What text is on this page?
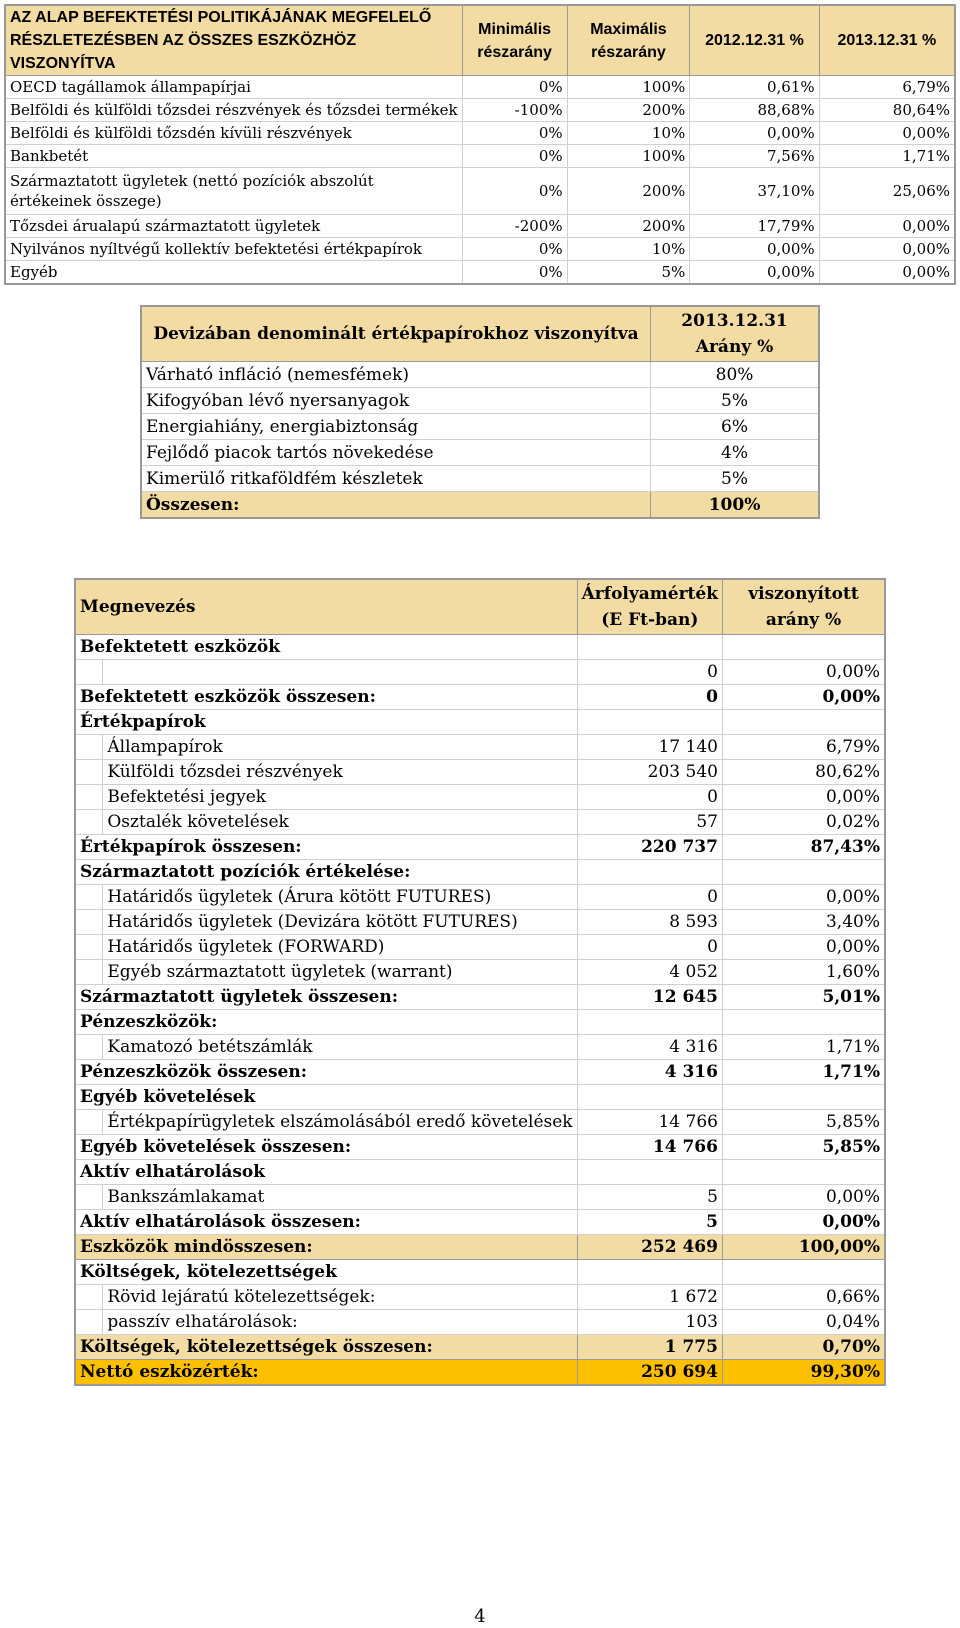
AZ ALAP BEFEKTETÉSI POLITIKÁJÁNAK MEGFELELŐ RÉSZLETEZÉSBEN AZ ÖSSZES ESZKÖZHÖZ VISZONYÍTVA	Minimális részarány	Maximális részarány	2012.12.31 %	2013.12.31 %
OECD tagállamok állampapírjai	0%	100%	0,61%	6,79%
Belföldi és külföldi tőzsdei részvények és tőzsdei termékek	-100%	200%	88,68%	80,64%
Belföldi és külföldi tőzsdén kívüli részvények	0%	10%	0,00%	0,00%
Bankbetét	0%	100%	7,56%	1,71%
Származtatott ügyletek (nettó pozíciók abszolút értékeinek összege)	0%	200%	37,10%	25,06%
Tőzsdei árualapú származtatott ügyletek	-200%	200%	17,79%	0,00%
Nyilvános nyíltvégű kollektív befektetési értékpapírok	0%	10%	0,00%	0,00%
Egyéb	0%	5%	0,00%	0,00%
Devizában denominált értékpapírokhoz viszonyítva	2013.12.31 Arány %
Várható infláció (nemesfémek)	80%
Kifogyóban lévő nyersanyagok	5%
Energiahiány, energiabiztonság	6%
Fejlődő piacok tartós növekedése	4%
Kimerülő ritkaföldfém készletek	5%
Összesen:	100%
Megnevezés		Árfolyamérték (E Ft-ban)	viszonyított arány %
Befektetett eszközök			
		0	0,00%
Befektetett eszközök összesen:		0	0,00%
Értékpapírok			
	Állampapírok	17 140	6,79%
	Külföldi tőzsdei részvények	203 540	80,62%
	Befektetési jegyek	0	0,00%
	Osztalék követelések	57	0,02%
Értékpapírok összesen:		220 737	87,43%
Származtatott pozíciók értékelése:			
	Határidős ügyletek (Árura kötött FUTURES)	0	0,00%
	Határidős ügyletek (Devizára kötött FUTURES)	8 593	3,40%
	Határidős ügyletek (FORWARD)	0	0,00%
	Egyéb származtatott ügyletek (warrant)	4 052	1,60%
Származtatott ügyletek összesen:		12 645	5,01%
Pénzeszközök:			
	Kamatozó betétszámlák	4 316	1,71%
Pénzeszközök összesen:		4 316	1,71%
Egyéb követelések			
	Értékpapírügyletek elszámolásából eredő követelések	14 766	5,85%
Egyéb követelések összesen:		14 766	5,85%
Aktív elhatárolások			
	Bankszámlakamat	5	0,00%
Aktív elhatárolások összesen:		5	0,00%
Eszközök mindösszesen:		252 469	100,00%
Költségek, kötelezettségek			
	Rövid lejáratú kötelezettségek:	1 672	0,66%
	passzív elhatárolások:	103	0,04%
Költségek, kötelezettségek összesen:		1 775	0,70%
Nettó eszközérték:		250 694	99,30%
4
